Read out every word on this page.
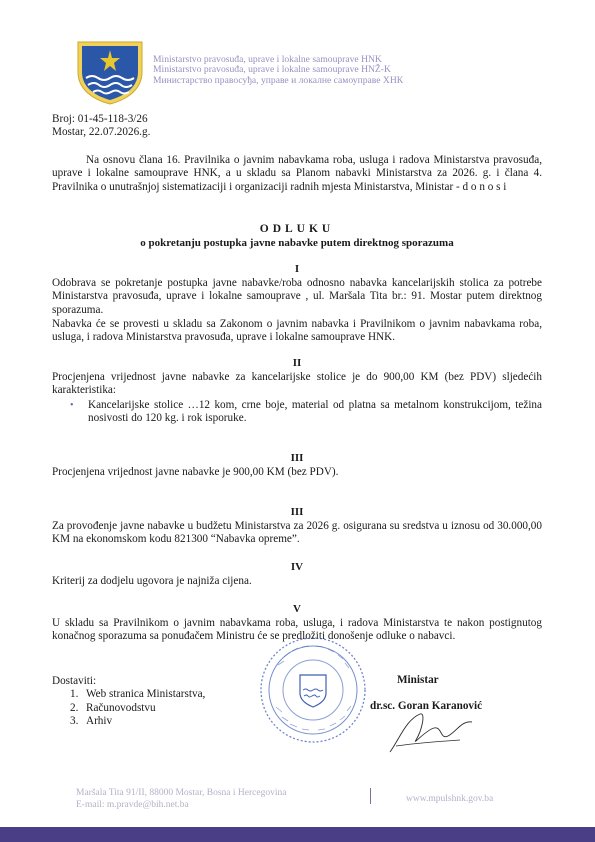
Ministarstvo pravosuđa, uprave i lokalne samouprave HNK
Ministarstvo pravosuđa, uprave i lokalne samouprave HNŽ-K
Министарство правосуђа, управе и локалне самоуправе ХНК
Broj: 01-45-118-3/26
Mostar, 22.07.2026.g.
Na osnovu člana 16. Pravilnika o javnim nabavkama roba, usluga i radova Ministarstva pravosuđa, uprave i lokalne samouprave HNK, a u skladu sa Planom nabavki Ministarstva za 2026. g. i člana 4. Pravilnika o unutrašnjoj sistematizaciji i organizaciji radnih mjesta Ministarstva, Ministar - d o n o s i
ODLUKU
o pokretanju postupka javne nabavke putem direktnog sporazuma
I
Odobrava se pokretanje postupka javne nabavke/roba odnosno nabavka kancelarijskih stolica za potrebe Ministarstva pravosuđa, uprave i lokalne samouprave , ul. Maršala Tita br.: 91. Mostar putem direktnog sporazuma.
Nabavka će se provesti u skladu sa Zakonom o javnim nabavka i Pravilnikom o javnim nabavkama roba, usluga, i radova Ministarstva pravosuđa, uprave i lokalne samouprave HNK.
II
Procjenjena vrijednost javne nabavke za kancelarijske stolice je do 900,00 KM (bez PDV) sljedećih karakteristika:
• Kancelarijske stolice …12 kom, crne boje, material od platna sa metalnom konstrukcijom, težina nosivosti do 120 kg. i rok isporuke.
III
Procjenjena vrijednost javne nabavke je 900,00 KM (bez PDV).
III
Za provođenje javne nabavke u budžetu Ministarstva za 2026 g. osigurana su sredstva u iznosu od 30.000,00 KM na ekonomskom kodu 821300 “Nabavka opreme”.
IV
Kriterij za dodjelu ugovora je najniža cijena.
V
U skladu sa Pravilnikom o javnim nabavkama roba, usluga, i radova Ministarstva te nakon postignutog konačnog sporazuma sa ponuđačem Ministru će se predložiti donošenje odluke o nabavci.
Dostaviti:
1. Web stranica Ministarstva,
2. Računovodstvu
3. Arhiv
Ministar
dr.sc. Goran Karanović
Maršala Tita 91/II, 88000 Mostar, Bosna i Hercegovina
E-mail: m.pravde@bih.net.ba
www.mpulshnk.gov.ba
